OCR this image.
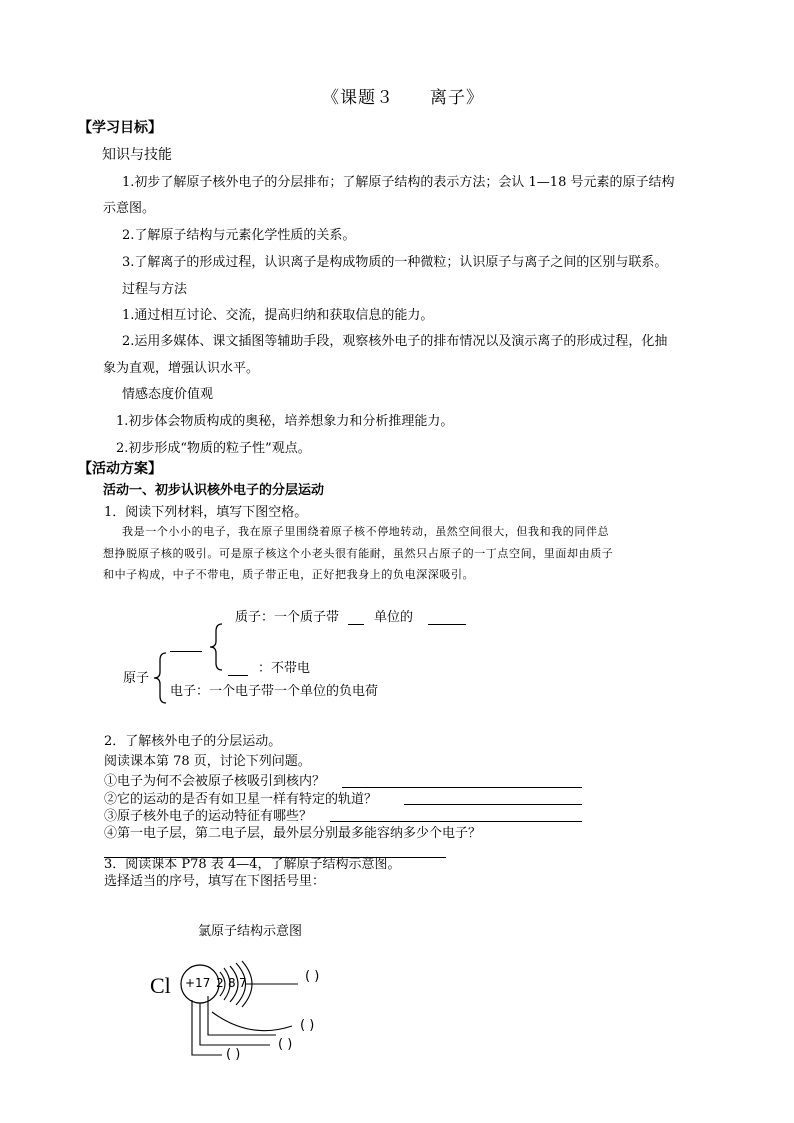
《课题３　　离子》
【学习目标】
知识与技能
1.初步了解原子核外电子的分层排布；了解原子结构的表示方法；会认 1—18 号元素的原子结构
示意图。
2.了解原子结构与元素化学性质的关系。
3.了解离子的形成过程，认识离子是构成物质的一种微粒；认识原子与离子之间的区别与联系。
过程与方法
1.通过相互讨论、交流，提高归纳和获取信息的能力。
2.运用多媒体、课文插图等辅助手段，观察核外电子的排布情况以及演示离子的形成过程，化抽
象为直观，增强认识水平。
情感态度价值观
1.初步体会物质构成的奥秘，培养想象力和分析推理能力。
2.初步形成“物质的粒子性”观点。
【活动方案】
活动一、初步认识核外电子的分层运动
1．阅读下列材料，填写下图空格。
我是一个小小的电子，我在原子里围绕着原子核不停地转动，虽然空间很大，但我和我的同伴总
想挣脱原子核的吸引。可是原子核这个小老头很有能耐，虽然只占原子的一丁点空间，里面却由质子
和中子构成，中子不带电，质子带正电，正好把我身上的负电深深吸引。
质子：一个质子带	单位的
：不带电
原子
电子：一个电子带一个单位的负电荷
2．了解核外电子的分层运动。
阅读课本第 78 页，讨论下列问题。
①电子为何不会被原子核吸引到核内？
②它的运动的是否有如卫星一样有特定的轨道？
③原子核外电子的运动特征有哪些？
④第一电子层，第二电子层，最外层分别最多能容纳多少个电子？
3．阅读课本 P78 表 4—4，了解原子结构示意图。
选择适当的序号，填写在下图括号里：
氯原子结构示意图
Cl +17 2 8 7	( )
( )
( )
( )
